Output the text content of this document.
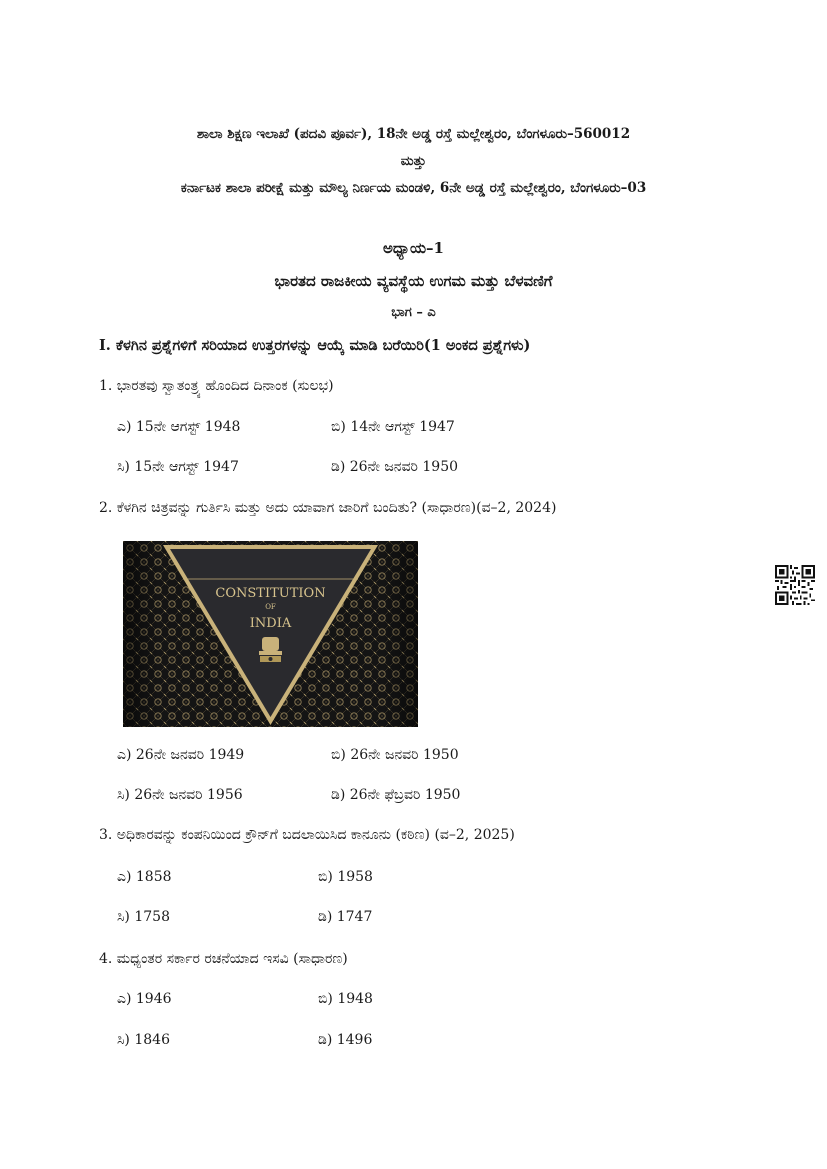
ಶಾಲಾ ಶಿಕ್ಷಣ ಇಲಾಖೆ (ಪದವಿ ಪೂರ್ವ), 18ನೇ ಅಡ್ಡ ರಸ್ತೆ ಮಲ್ಲೇಶ್ವರಂ, ಬೆಂಗಳೂರು–560012
ಮತ್ತು
ಕರ್ನಾಟಕ ಶಾಲಾ ಪರೀಕ್ಷೆ ಮತ್ತು ಮೌಲ್ಯ ನಿರ್ಣಯ ಮಂಡಳಿ, 6ನೇ ಅಡ್ಡ ರಸ್ತೆ ಮಲ್ಲೇಶ್ವರಂ, ಬೆಂಗಳೂರು–03
ಅಧ್ಯಾಯ–1
ಭಾರತದ ರಾಜಕೀಯ ವ್ಯವಸ್ಥೆಯ ಉಗಮ ಮತ್ತು ಬೆಳವಣಿಗೆ
ಭಾಗ – ಎ
I. ಕೆಳಗಿನ ಪ್ರಶ್ನೆಗಳಿಗೆ ಸರಿಯಾದ ಉತ್ತರಗಳನ್ನು ಆಯ್ಕೆ ಮಾಡಿ ಬರೆಯಿರಿ(1 ಅಂಕದ ಪ್ರಶ್ನೆಗಳು)
1. ಭಾರತವು ಸ್ವಾತಂತ್ರ್ಯ ಹೊಂದಿದ ದಿನಾಂಕ (ಸುಲಭ)
ಎ) 15ನೇ ಆಗಸ್ಟ್ 1948	ಬಿ) 14ನೇ ಆಗಸ್ಟ್ 1947
ಸಿ) 15ನೇ ಆಗಸ್ಟ್ 1947	ಡಿ) 26ನೇ ಜನವರಿ 1950
2. ಕೆಳಗಿನ ಚಿತ್ರವನ್ನು ಗುರ್ತಿಸಿ ಮತ್ತು ಅದು ಯಾವಾಗ ಜಾರಿಗೆ ಬಂದಿತು? (ಸಾಧಾರಣ)(ವ–2, 2024)
ಎ) 26ನೇ ಜನವರಿ 1949	ಬಿ) 26ನೇ ಜನವರಿ 1950
ಸಿ) 26ನೇ ಜನವರಿ 1956	ಡಿ) 26ನೇ ಫೆಬ್ರವರಿ 1950
3. ಅಧಿಕಾರವನ್ನು ಕಂಪನಿಯಿಂದ ಕ್ರೌನ್‌ಗೆ ಬದಲಾಯಿಸಿದ ಕಾನೂನು (ಕಠಿಣ) (ವ–2, 2025)
ಎ) 1858	ಬಿ) 1958
ಸಿ) 1758	ಡಿ) 1747
4. ಮಧ್ಯಂತರ ಸರ್ಕಾರ ರಚನೆಯಾದ ಇಸವಿ (ಸಾಧಾರಣ)
ಎ) 1946	ಬಿ) 1948
ಸಿ) 1846	ಡಿ) 1496
